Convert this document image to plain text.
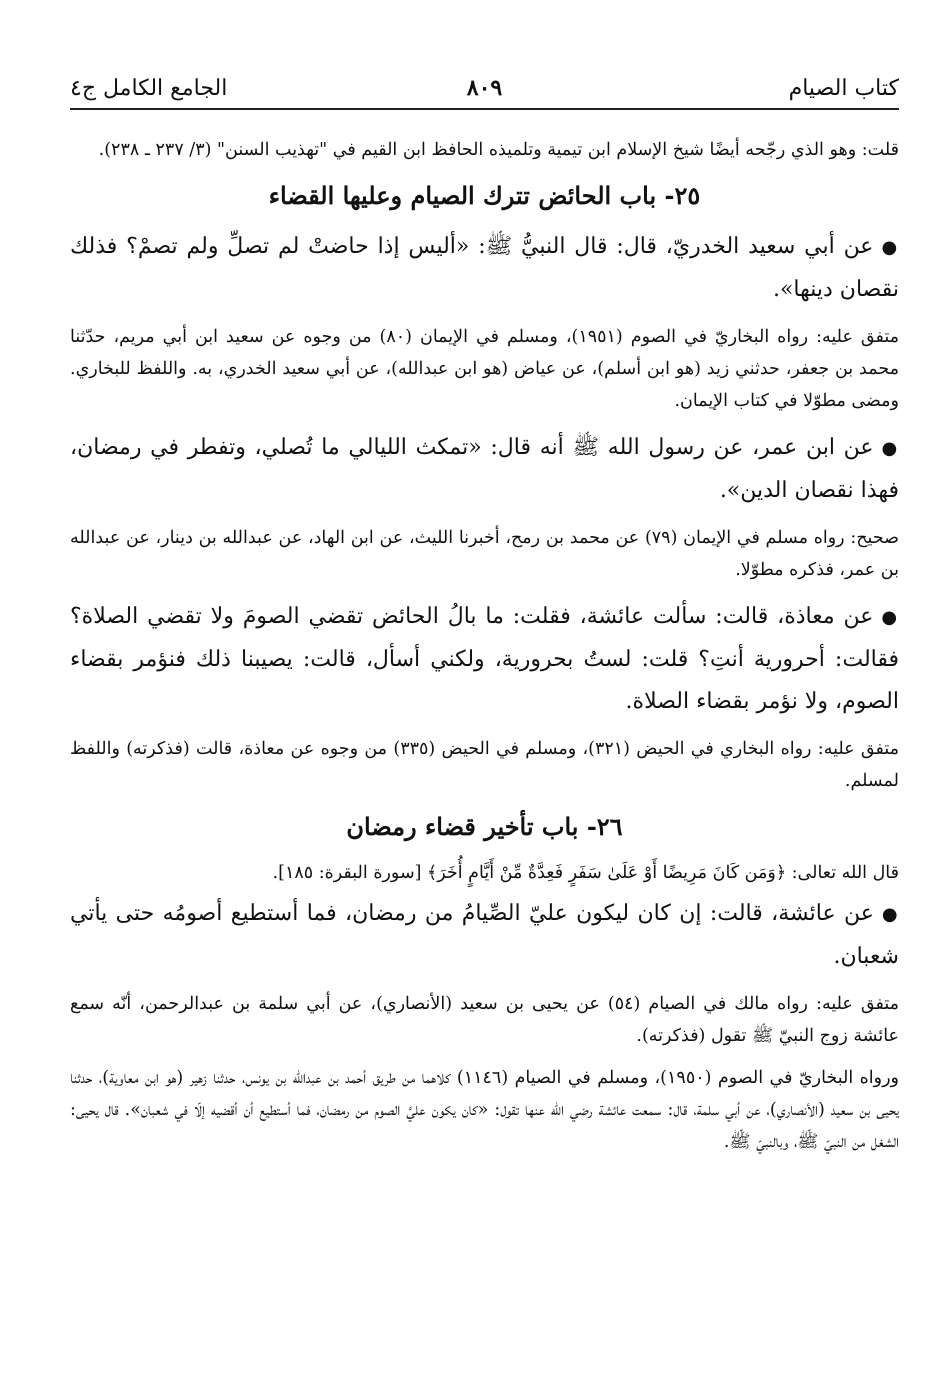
كتاب الصيام
٨٠٩
الجامع الكامل ج٤

قلت: وهو الذي رجّحه أيضًا شيخ الإسلام ابن تيمية وتلميذه الحافظ ابن القيم في "تهذيب السنن" (٣/ ٢٣٧ ـ ٢٣٨).

٢٥- باب الحائض تترك الصيام وعليها القضاء

●عن أبي سعيد الخدريّ، قال: قال النبيُّ ﷺ: «أليس إذا حاضتْ لم تصلِّ ولم تصمْ؟ فذلك نقصان دينها».

متفق عليه: رواه البخاريّ في الصوم (١٩٥١)، ومسلم في الإيمان (٨٠) من وجوه عن سعيد ابن أبي مريم، حدّثنا محمد بن جعفر، حدثني زيد (هو ابن أسلم)، عن عياض (هو ابن عبدالله)، عن أبي سعيد الخدري، به. واللفظ للبخاري. ومضى مطوّلا في كتاب الإيمان.

●عن ابن عمر، عن رسول الله ﷺ أنه قال: «تمكث الليالي ما تُصلي، وتفطر في رمضان، فهذا نقصان الدين».

صحيح: رواه مسلم في الإيمان (٧٩) عن محمد بن رمح، أخبرنا الليث، عن ابن الهاد، عن عبدالله بن دينار، عن عبدالله بن عمر، فذكره مطوّلا.

●عن معاذة، قالت: سألت عائشة، فقلت: ما بالُ الحائض تقضي الصومَ ولا تقضي الصلاة؟ فقالت: أحرورية أنتِ؟ قلت: لستُ بحرورية، ولكني أسأل، قالت: يصيبنا ذلك فنؤمر بقضاء الصوم، ولا نؤمر بقضاء الصلاة.

متفق عليه: رواه البخاري في الحيض (٣٢١)، ومسلم في الحيض (٣٣٥) من وجوه عن معاذة، قالت (فذكرته) واللفظ لمسلم.

٢٦- باب تأخير قضاء رمضان

قال الله تعالى: ﴿وَمَن كَانَ مَرِيضًا أَوْ عَلَىٰ سَفَرٍ فَعِدَّةٌ مِّنْ أَيَّامٍ أُخَرَ﴾ [سورة البقرة: ١٨٥].

●عن عائشة، قالت: إن كان ليكون عليّ الصِّيامُ من رمضان، فما أستطيع أصومُه حتى يأتي شعبان.

متفق عليه: رواه مالك في الصيام (٥٤) عن يحيى بن سعيد (الأنصاري)، عن أبي سلمة بن عبدالرحمن، أنّه سمع عائشة زوج النبيّ ﷺ تقول (فذكرته).

ورواه البخاريّ في الصوم (١٩٥٠)، ومسلم في الصيام (١١٤٦) كلاهما من طريق أحمد بن عبدالله بن يونس، حدثنا زهير (هو ابن معاوية)، حدثنا يحيى بن سعيد (الأنصاري)، عن أبي سلمة، قال: سمعت عائشة رضي الله عنها تقول: «كان يكون عليَّ الصوم من رمضان، فما أستطيع أن أقضيه إلّا في شعبان». قال يحيى: الشغل من النبيّ ﷺ، وبالنبيّ ﷺ.
